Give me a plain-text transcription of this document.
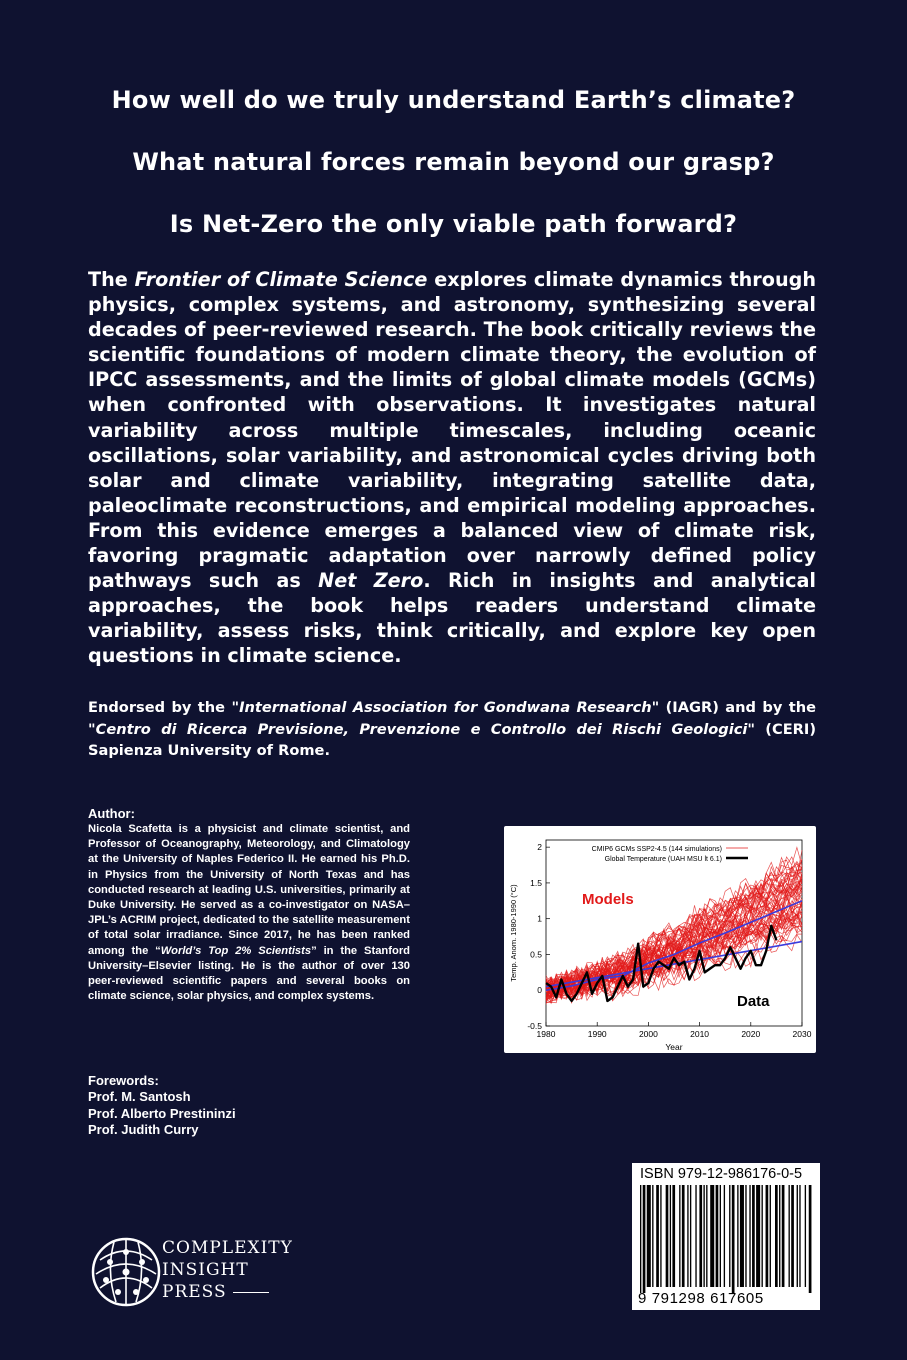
How well do we truly understand Earth’s climate?
What natural forces remain beyond our grasp?
Is Net-Zero the only viable path forward?

The Frontier of Climate Science explores climate dynamics through physics, complex systems, and astronomy, synthesizing several decades of peer-reviewed research. The book critically reviews the scientific foundations of modern climate theory, the evolution of IPCC assessments, and the limits of global climate models (GCMs) when confronted with observations. It investigates natural variability across multiple timescales, including oceanic oscillations, solar variability, and astronomical cycles driving both solar and climate variability, integrating satellite data, paleoclimate reconstructions, and empirical modeling approaches. From this evidence emerges a balanced view of climate risk, favoring pragmatic adaptation over narrowly defined policy pathways such as Net Zero. Rich in insights and analytical approaches, the book helps readers understand climate variability, assess risks, think critically, and explore key open questions in climate science.

Endorsed by the "International Association for Gondwana Research" (IAGR) and by the "Centro di Ricerca Previsione, Prevenzione e Controllo dei Rischi Geologici" (CERI) Sapienza University of Rome.

Author:
Nicola Scafetta is a physicist and climate scientist, and Professor of Oceanography, Meteorology, and Climatology at the University of Naples Federico II. He earned his Ph.D. in Physics from the University of North Texas and has conducted research at leading U.S. universities, primarily at Duke University. He served as a co-investigator on NASA–JPL’s ACRIM project, dedicated to the satellite measurement of total solar irradiance. Since 2017, he has been ranked among the “World’s Top 2% Scientists” in the Stanford University–Elsevier listing. He is the author of over 130 peer-reviewed scientific papers and several books on climate science, solar physics, and complex systems.
Forewords:
Prof. M. Santosh
Prof. Alberto Prestininzi
Prof. Judith Curry
1980	1990	2000	2010	2020	2030
-0.5
0
0.5
1
1.5
2
Year
Temp. Anom. 1980-1990 (°C)
CMIP6 GCMs SSP2-4.5 (144 simulations)
Global Temperature (UAH MSU lt 6.1)
Models
Data
ISBN 979-12-986176-0-5
9 791298 617605
COMPLEXITY
INSIGHT
PRESS
